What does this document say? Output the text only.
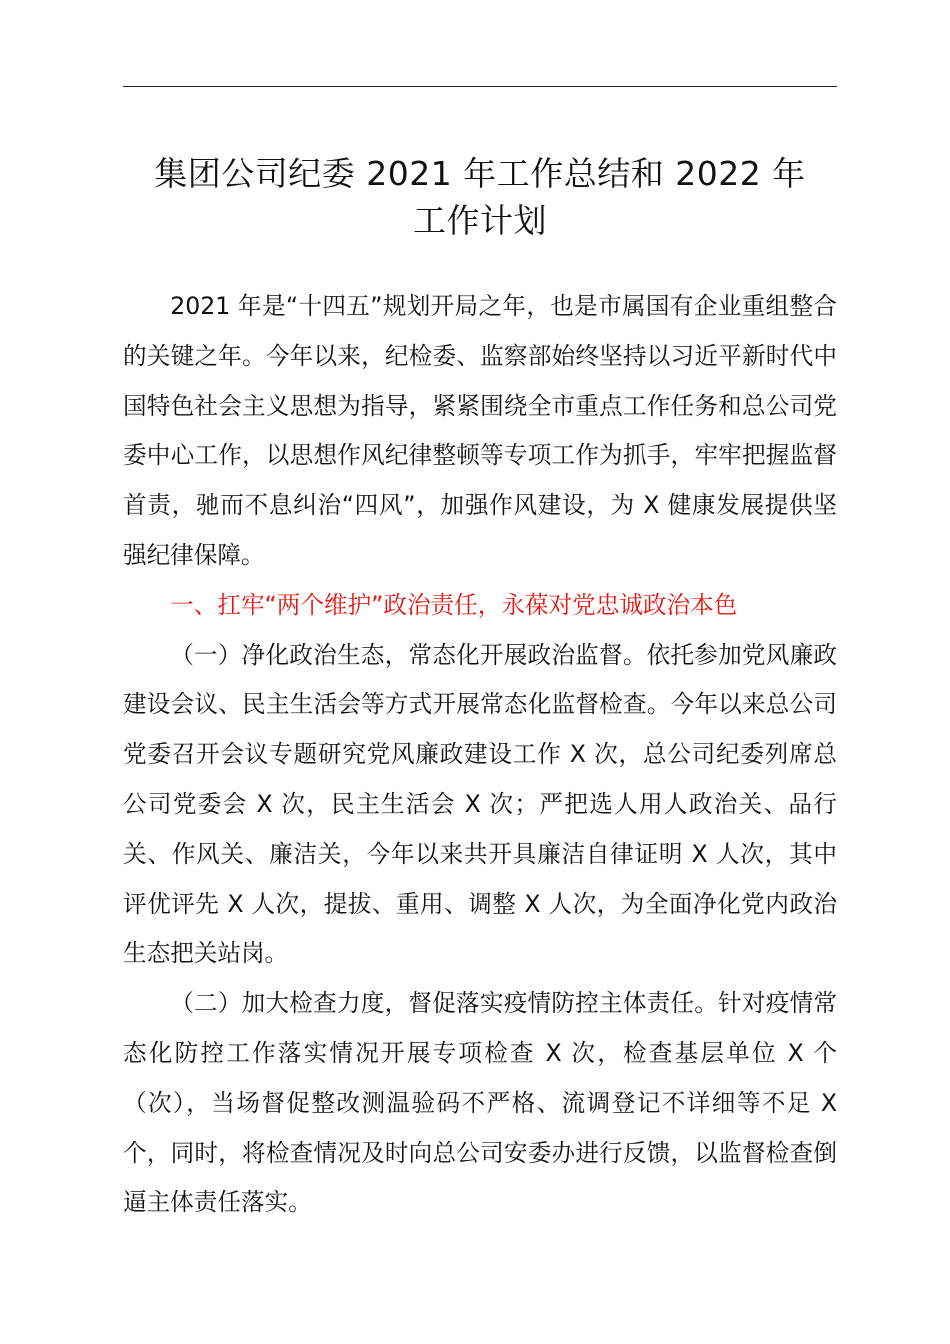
集团公司纪委 2021 年工作总结和 2022 年
工作计划

2021 年是“十四五”规划开局之年，也是市属国有企业重组整合的关键之年。今年以来，纪检委、监察部始终坚持以习近平新时代中国特色社会主义思想为指导，紧紧围绕全市重点工作任务和总公司党委中心工作，以思想作风纪律整顿等专项工作为抓手，牢牢把握监督首责，驰而不息纠治“四风”，加强作风建设，为 X 健康发展提供坚强纪律保障。

一、扛牢“两个维护”政治责任，永葆对党忠诚政治本色

（一）净化政治生态，常态化开展政治监督。依托参加党风廉政建设会议、民主生活会等方式开展常态化监督检查。今年以来总公司党委召开会议专题研究党风廉政建设工作 X 次，总公司纪委列席总公司党委会 X 次，民主生活会 X 次；严把选人用人政治关、品行关、作风关、廉洁关，今年以来共开具廉洁自律证明 X 人次，其中评优评先 X 人次，提拔、重用、调整 X 人次，为全面净化党内政治生态把关站岗。

（二）加大检查力度，督促落实疫情防控主体责任。针对疫情常态化防控工作落实情况开展专项检查 X 次，检查基层单位 X 个（次），当场督促整改测温验码不严格、流调登记不详细等不足 X 个，同时，将检查情况及时向总公司安委办进行反馈，以监督检查倒逼主体责任落实。
